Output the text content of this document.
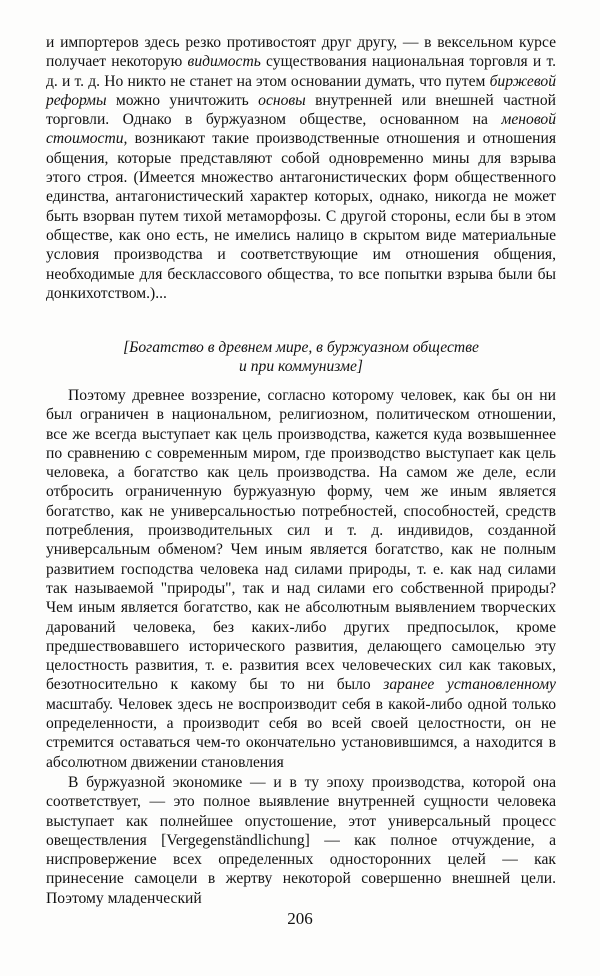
и импортеров здесь резко противостоят друг другу, — в вексельном курсе получает некоторую видимость существования национальная торговля и т. д. и т. д. Но никто не станет на этом основании думать, что путем биржевой реформы можно уничтожить основы внутренней или внешней частной торговли. Однако в буржуазном обществе, основанном на меновой стоимости, возникают такие производственные отношения и отношения общения, которые представляют собой одновременно мины для взрыва этого строя. (Имеется множество антагонистических форм общественного единства, антагонистический характер которых, однако, никогда не может быть взорван путем тихой метаморфозы. С другой стороны, если бы в этом обществе, как оно есть, не имелись налицо в скрытом виде материальные условия производства и соответствующие им отношения общения, необходимые для бесклассового общества, то все попытки взрыва были бы донкихотством.)...

[Богатство в древнем мире, в буржуазном обществе
и при коммунизме]

Поэтому древнее воззрение, согласно которому человек, как бы он ни был ограничен в национальном, религиозном, политическом отношении, все же всегда выступает как цель производства, кажется куда возвышеннее по сравнению с современным миром, где производство выступает как цель человека, а богатство как цель производства. На самом же деле, если отбросить ограниченную буржуазную форму, чем же иным является богатство, как не универсальностью потребностей, способностей, средств потребления, производительных сил и т. д. индивидов, созданной универсальным обменом? Чем иным является богатство, как не полным развитием господства человека над силами природы, т. е. как над силами так называемой "природы", так и над силами его собственной природы? Чем иным является богатство, как не абсолютным выявлением творческих дарований человека, без каких-либо других предпосылок, кроме предшествовавшего исторического развития, делающего самоцелью эту целостность развития, т. е. развития всех человеческих сил как таковых, безотносительно к какому бы то ни было заранее установленному масштабу. Человек здесь не воспроизводит себя в какой-либо одной только определенности, а производит себя во всей своей целостности, он не стремится оставаться чем-то окончательно установившимся, а находится в абсолютном движении становления

В буржуазной экономике — и в ту эпоху производства, которой она соответствует, — это полное выявление внутренней сущности человека выступает как полнейшее опустошение, этот универсальный процесс овеществления [Vergegenständlichung] — как полное отчуждение, а ниспровержение всех определенных односторонних целей — как принесение самоцели в жертву некоторой совершенно внешней цели. Поэтому младенческий

206
